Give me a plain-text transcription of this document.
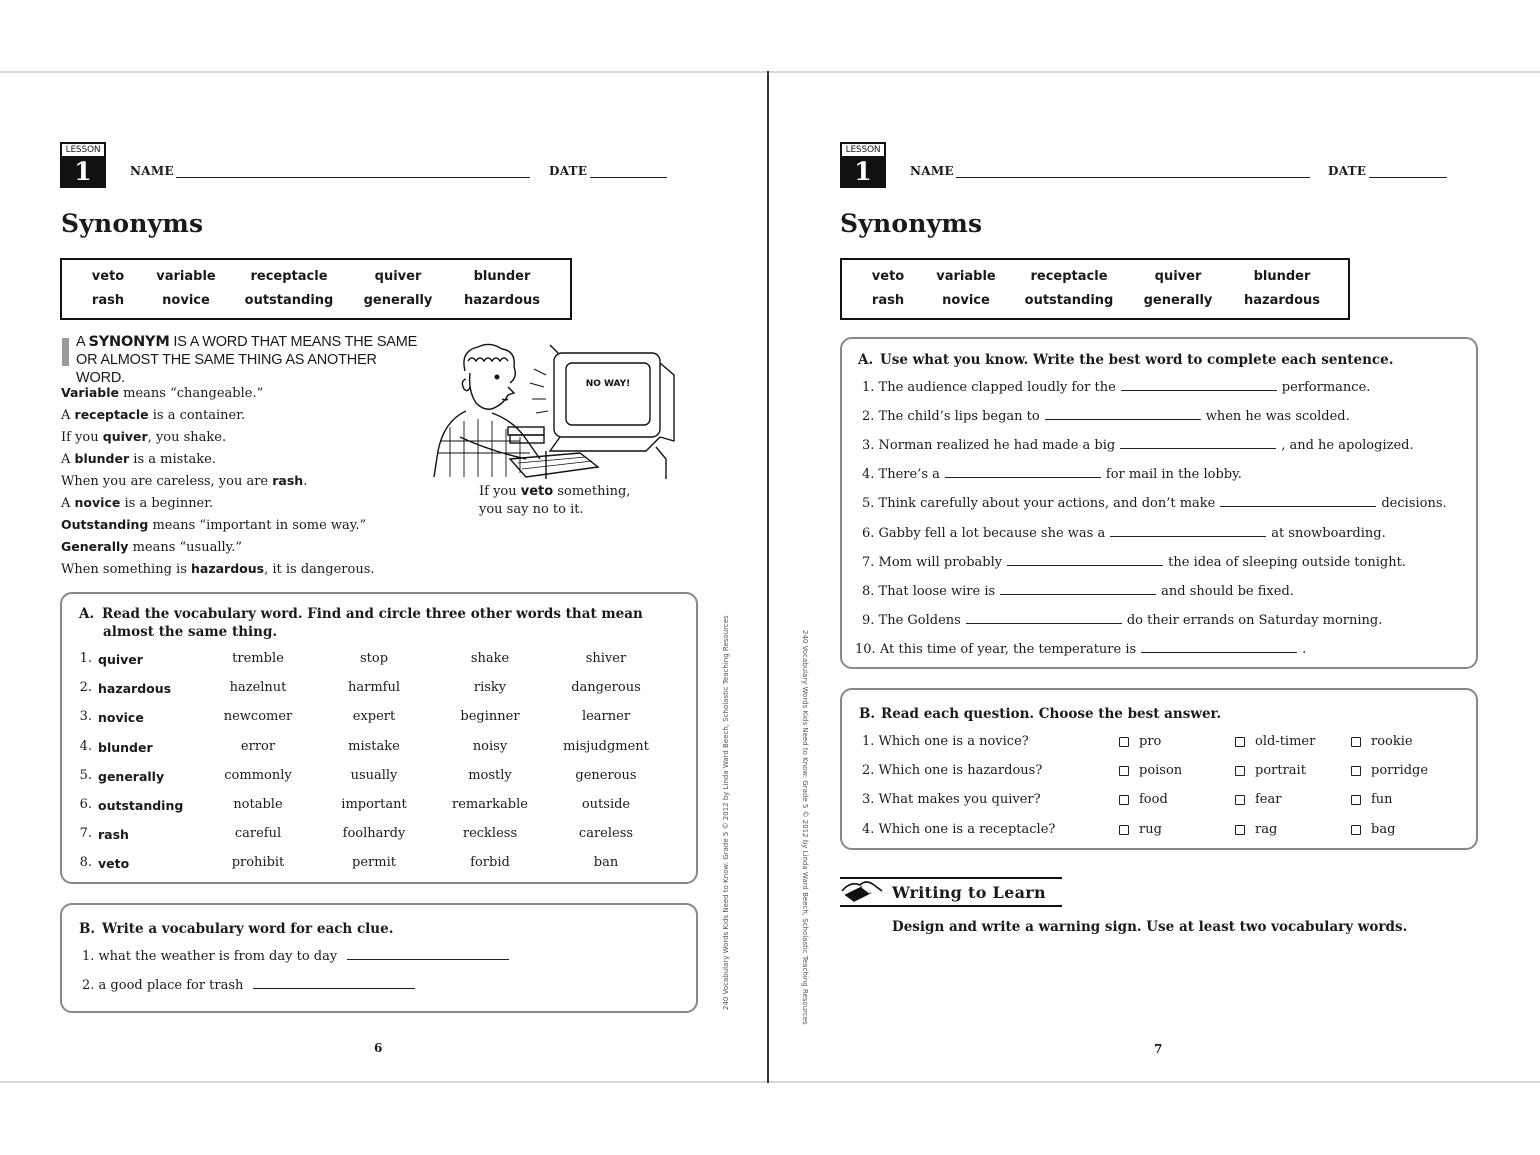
LESSON
1	NAME	DATE
Synonyms
veto	variable	receptacle	quiver	blunder
rash	novice	outstanding	generally	hazardous
A SYNONYM IS A WORD THAT MEANS THE SAME OR ALMOST THE SAME THING AS ANOTHER WORD.
Variable means “changeable.”
A receptacle is a container.
If you quiver, you shake.
A blunder is a mistake.
When you are careless, you are rash.
A novice is a beginner.
Outstanding means “important in some way.”
Generally means “usually.”
When something is hazardous, it is dangerous.
NO WAY!
If you veto something,
you say no to it.
A. Read the vocabulary word. Find and circle three other words that mean
almost the same thing.
1. quiver	tremble	stop	shake	shiver
2. hazardous	hazelnut	harmful	risky	dangerous
3. novice	newcomer	expert	beginner	learner
4. blunder	error	mistake	noisy	misjudgment
5. generally	commonly	usually	mostly	generous
6. outstanding	notable	important	remarkable	outside
7. rash	careful	foolhardy	reckless	careless
8. veto	prohibit	permit	forbid	ban
B. Write a vocabulary word for each clue.
1. what the weather is from day to day
2. a good place for trash
6
240 Vocabulary Words Kids Need to Know: Grade 5 © 2012 by Linda Ward Beech, Scholastic Teaching Resources
LESSON
1	NAME	DATE
Synonyms
veto	variable	receptacle	quiver	blunder
rash	novice	outstanding	generally	hazardous
A. Use what you know. Write the best word to complete each sentence.
1. The audience clapped loudly for the	performance.
2. The child’s lips began to	when he was scolded.
3. Norman realized he had made a big	, and he apologized.
4. There’s a	for mail in the lobby.
5. Think carefully about your actions, and don’t make	decisions.
6. Gabby fell a lot because she was a	at snowboarding.
7. Mom will probably	the idea of sleeping outside tonight.
8. That loose wire is	and should be fixed.
9. The Goldens	do their errands on Saturday morning.
10. At this time of year, the temperature is	.
B. Read each question. Choose the best answer.
1. Which one is a novice?	pro	old-timer	rookie
2. Which one is hazardous?	poison	portrait	porridge
3. What makes you quiver?	food	fear	fun
4. Which one is a receptacle?	rug	rag	bag
Writing to Learn
Design and write a warning sign. Use at least two vocabulary words.
7
240 Vocabulary Words Kids Need to Know: Grade 5 © 2012 by Linda Ward Beech, Scholastic Teaching Resources
